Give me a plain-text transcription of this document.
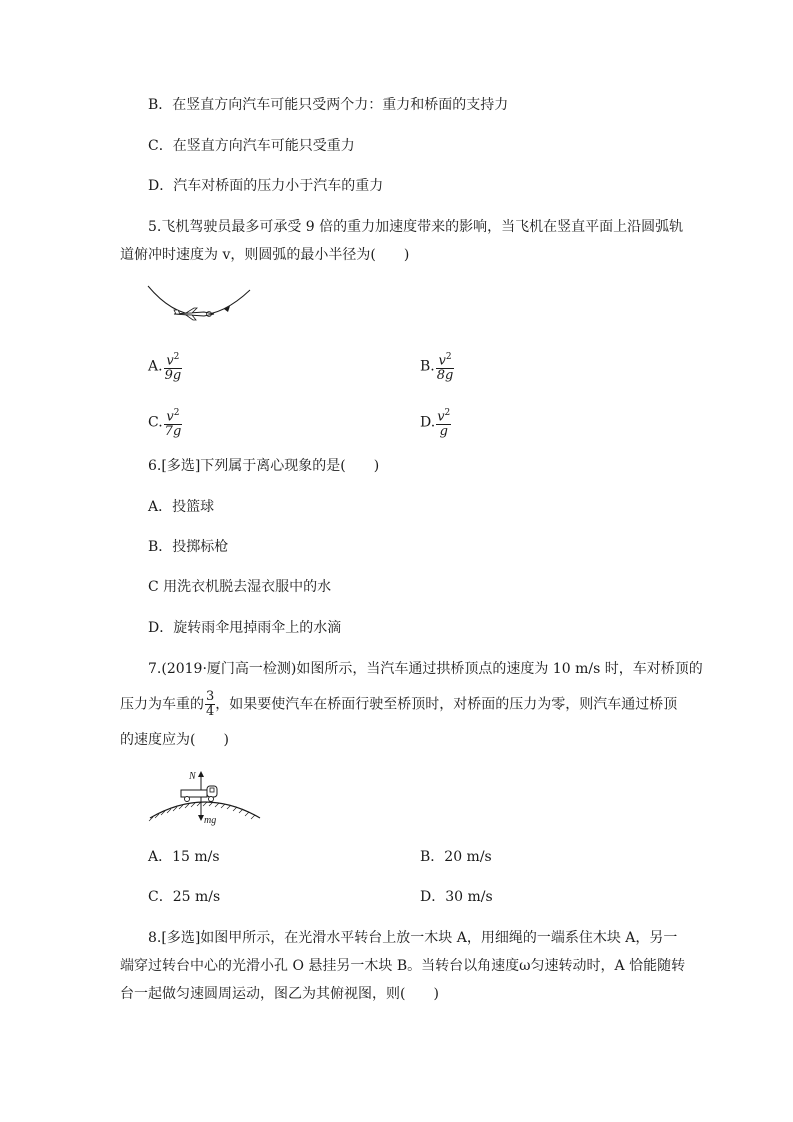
B．在竖直方向汽车可能只受两个力：重力和桥面的支持力
C．在竖直方向汽车可能只受重力
D．汽车对桥面的压力小于汽车的重力
5.飞机驾驶员最多可承受 9 倍的重力加速度带来的影响，当飞机在竖直平面上沿圆弧轨
道俯冲时速度为 v，则圆弧的最小半径为(　　)
A. $\frac{v^2}{9g}$	B. $\frac{v^2}{8g}$
C. $\frac{v^2}{7g}$	D. $\frac{v^2}{g}$
6.[多选]下列属于离心现象的是(　　)
A．投篮球
B．投掷标枪
C 用洗衣机脱去湿衣服中的水
D．旋转雨伞甩掉雨伞上的水滴
7.(2019·厦门高一检测)如图所示，当汽车通过拱桥顶点的速度为 10 m/s 时，车对桥顶的
压力为车重的 $\frac{3}{4}$ ，如果要使汽车在桥面行驶至桥顶时，对桥面的压力为零，则汽车通过桥顶
的速度应为(　　)
N
mg
A．15 m/s	B．20 m/s
C．25 m/s	D．30 m/s
8.[多选]如图甲所示，在光滑水平转台上放一木块 A，用细绳的一端系住木块 A，另一
端穿过转台中心的光滑小孔 O 悬挂另一木块 B。当转台以角速度ω匀速转动时，A 恰能随转
台一起做匀速圆周运动，图乙为其俯视图，则(　　)
